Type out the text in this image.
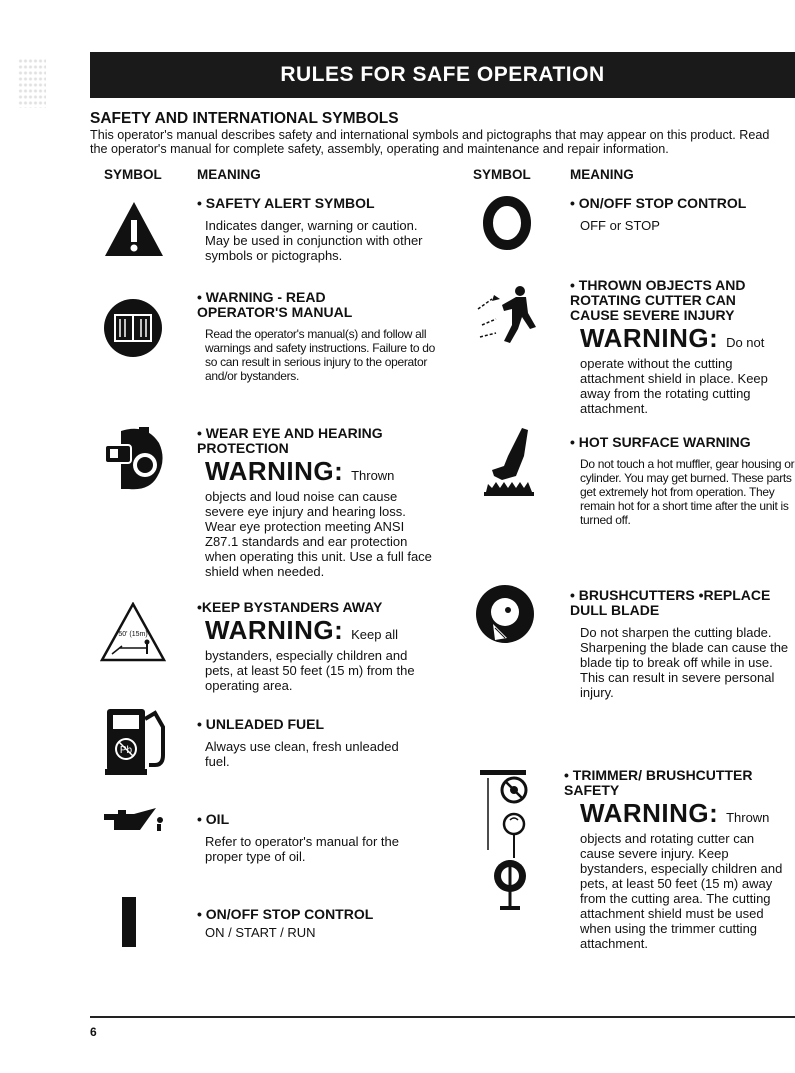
RULES FOR SAFE OPERATION
SAFETY AND INTERNATIONAL SYMBOLS
This operator's manual describes safety and international symbols and pictographs that may appear on this product. Read the operator's manual for complete safety, assembly, operating and maintenance and repair information.
SYMBOL	MEANING	SYMBOL	MEANING
50' (15m)
Pb
• SAFETY ALERT SYMBOL
Indicates danger, warning or caution. May be used in conjunction with other symbols or pictographs.
• WARNING - READ OPERATOR'S MANUAL
Read the operator's manual(s) and follow all warnings and safety instructions. Failure to do so can result in serious injury to the operator and/or bystanders.
• WEAR EYE AND HEARING PROTECTION
WARNING: Thrown
objects and loud noise can cause severe eye injury and hearing loss. Wear eye protection meeting ANSI Z87.1 standards and ear protection when operating this unit. Use a full face shield when needed.
•KEEP BYSTANDERS AWAY
WARNING: Keep all
bystanders, especially children and pets, at least 50 feet (15 m) from the operating area.
• UNLEADED FUEL
Always use clean, fresh unleaded fuel.
• OIL
Refer to operator's manual for the proper type of oil.
• ON/OFF STOP CONTROL
ON / START / RUN
• ON/OFF STOP CONTROL
OFF or STOP
• THROWN OBJECTS AND ROTATING CUTTER CAN CAUSE SEVERE INJURY
WARNING: Do not
operate without the cutting attachment shield in place. Keep away from the rotating cutting attachment.
• HOT SURFACE WARNING
Do not touch a hot muffler, gear housing or cylinder. You may get burned. These parts get extremely hot from operation. They remain hot for a short time after the unit is turned off.
• BRUSHCUTTERS •REPLACE DULL BLADE
Do not sharpen the cutting blade. Sharpening the blade can cause the blade tip to break off while in use. This can result in severe personal injury.
• TRIMMER/ BRUSHCUTTER SAFETY
WARNING: Thrown
objects and rotating cutter can cause severe injury. Keep bystanders, especially children and pets, at least 50 feet (15 m) away from the cutting area. The cutting attachment shield must be used when using the trimmer cutting attachment.
6
